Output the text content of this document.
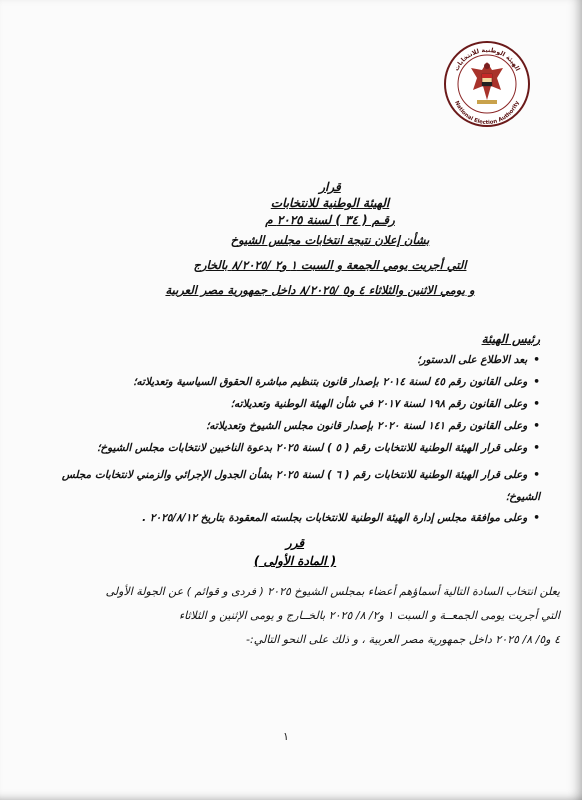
الهيئة الوطنية للانتخابات
National Election Authority
قرار
الهيئة الوطنية للانتخابات
رقـم ( ٣٤ ) لسنة ٢٠٢٥ م
بشأن إعلان نتيجة انتخابات مجلس الشيوخ
التي أجريت يومي الجمعة و السبت ١ و٢ /٨/٢٠٢٥ بالخارج
و يومي الاثنين والثلاثاء ٤ و٥ /٨/٢٠٢٥ داخل جمهورية مصر العربية
رئيس الهيئة
•بعد الاطلاع على الدستور؛
•وعلى القانون رقم ٤٥ لسنة ٢٠١٤ بإصدار قانون بتنظيم مباشرة الحقوق السياسية وتعديلاته؛
•وعلى القانون رقم ١٩٨ لسنة ٢٠١٧ في شأن الهيئة الوطنية وتعديلاته؛
•وعلى القانون رقم ١٤١ لسنة ٢٠٢٠ بإصدار قانون مجلس الشيوخ وتعديلاته؛
•وعلى قرار الهيئة الوطنية للانتخابات رقم ( ٥ ) لسنة ٢٠٢٥ بدعوة الناخبين لانتخابات مجلس الشيوخ؛
•وعلى قرار الهيئة الوطنية للانتخابات رقم ( ٦ ) لسنة ٢٠٢٥ بشأن الجدول الإجرائي والزمني لانتخابات مجلس الشيوخ؛
•وعلى موافقة مجلس إدارة الهيئة الوطنية للانتخابات بجلسته المعقودة بتاريخ ٢٠٢٥/٨/١٢ .
قرر
( المادة الأولى )
يعلن انتخاب السادة التالية أسماؤهم أعضاء بمجلس الشيوخ ٢٠٢٥ ( فردى و قوائم ) عن الجولة الأولى
التي أجريت يومى الجمعــة و السبت ١ و٢/ ٨/ ٢٠٢٥ بالخــارج و يومى الإثنين و الثلاثاء
٤ و٥/ ٨/ ٢٠٢٥ داخل جمهورية مصر العربية ، و ذلك على النحو التالي:-
١
